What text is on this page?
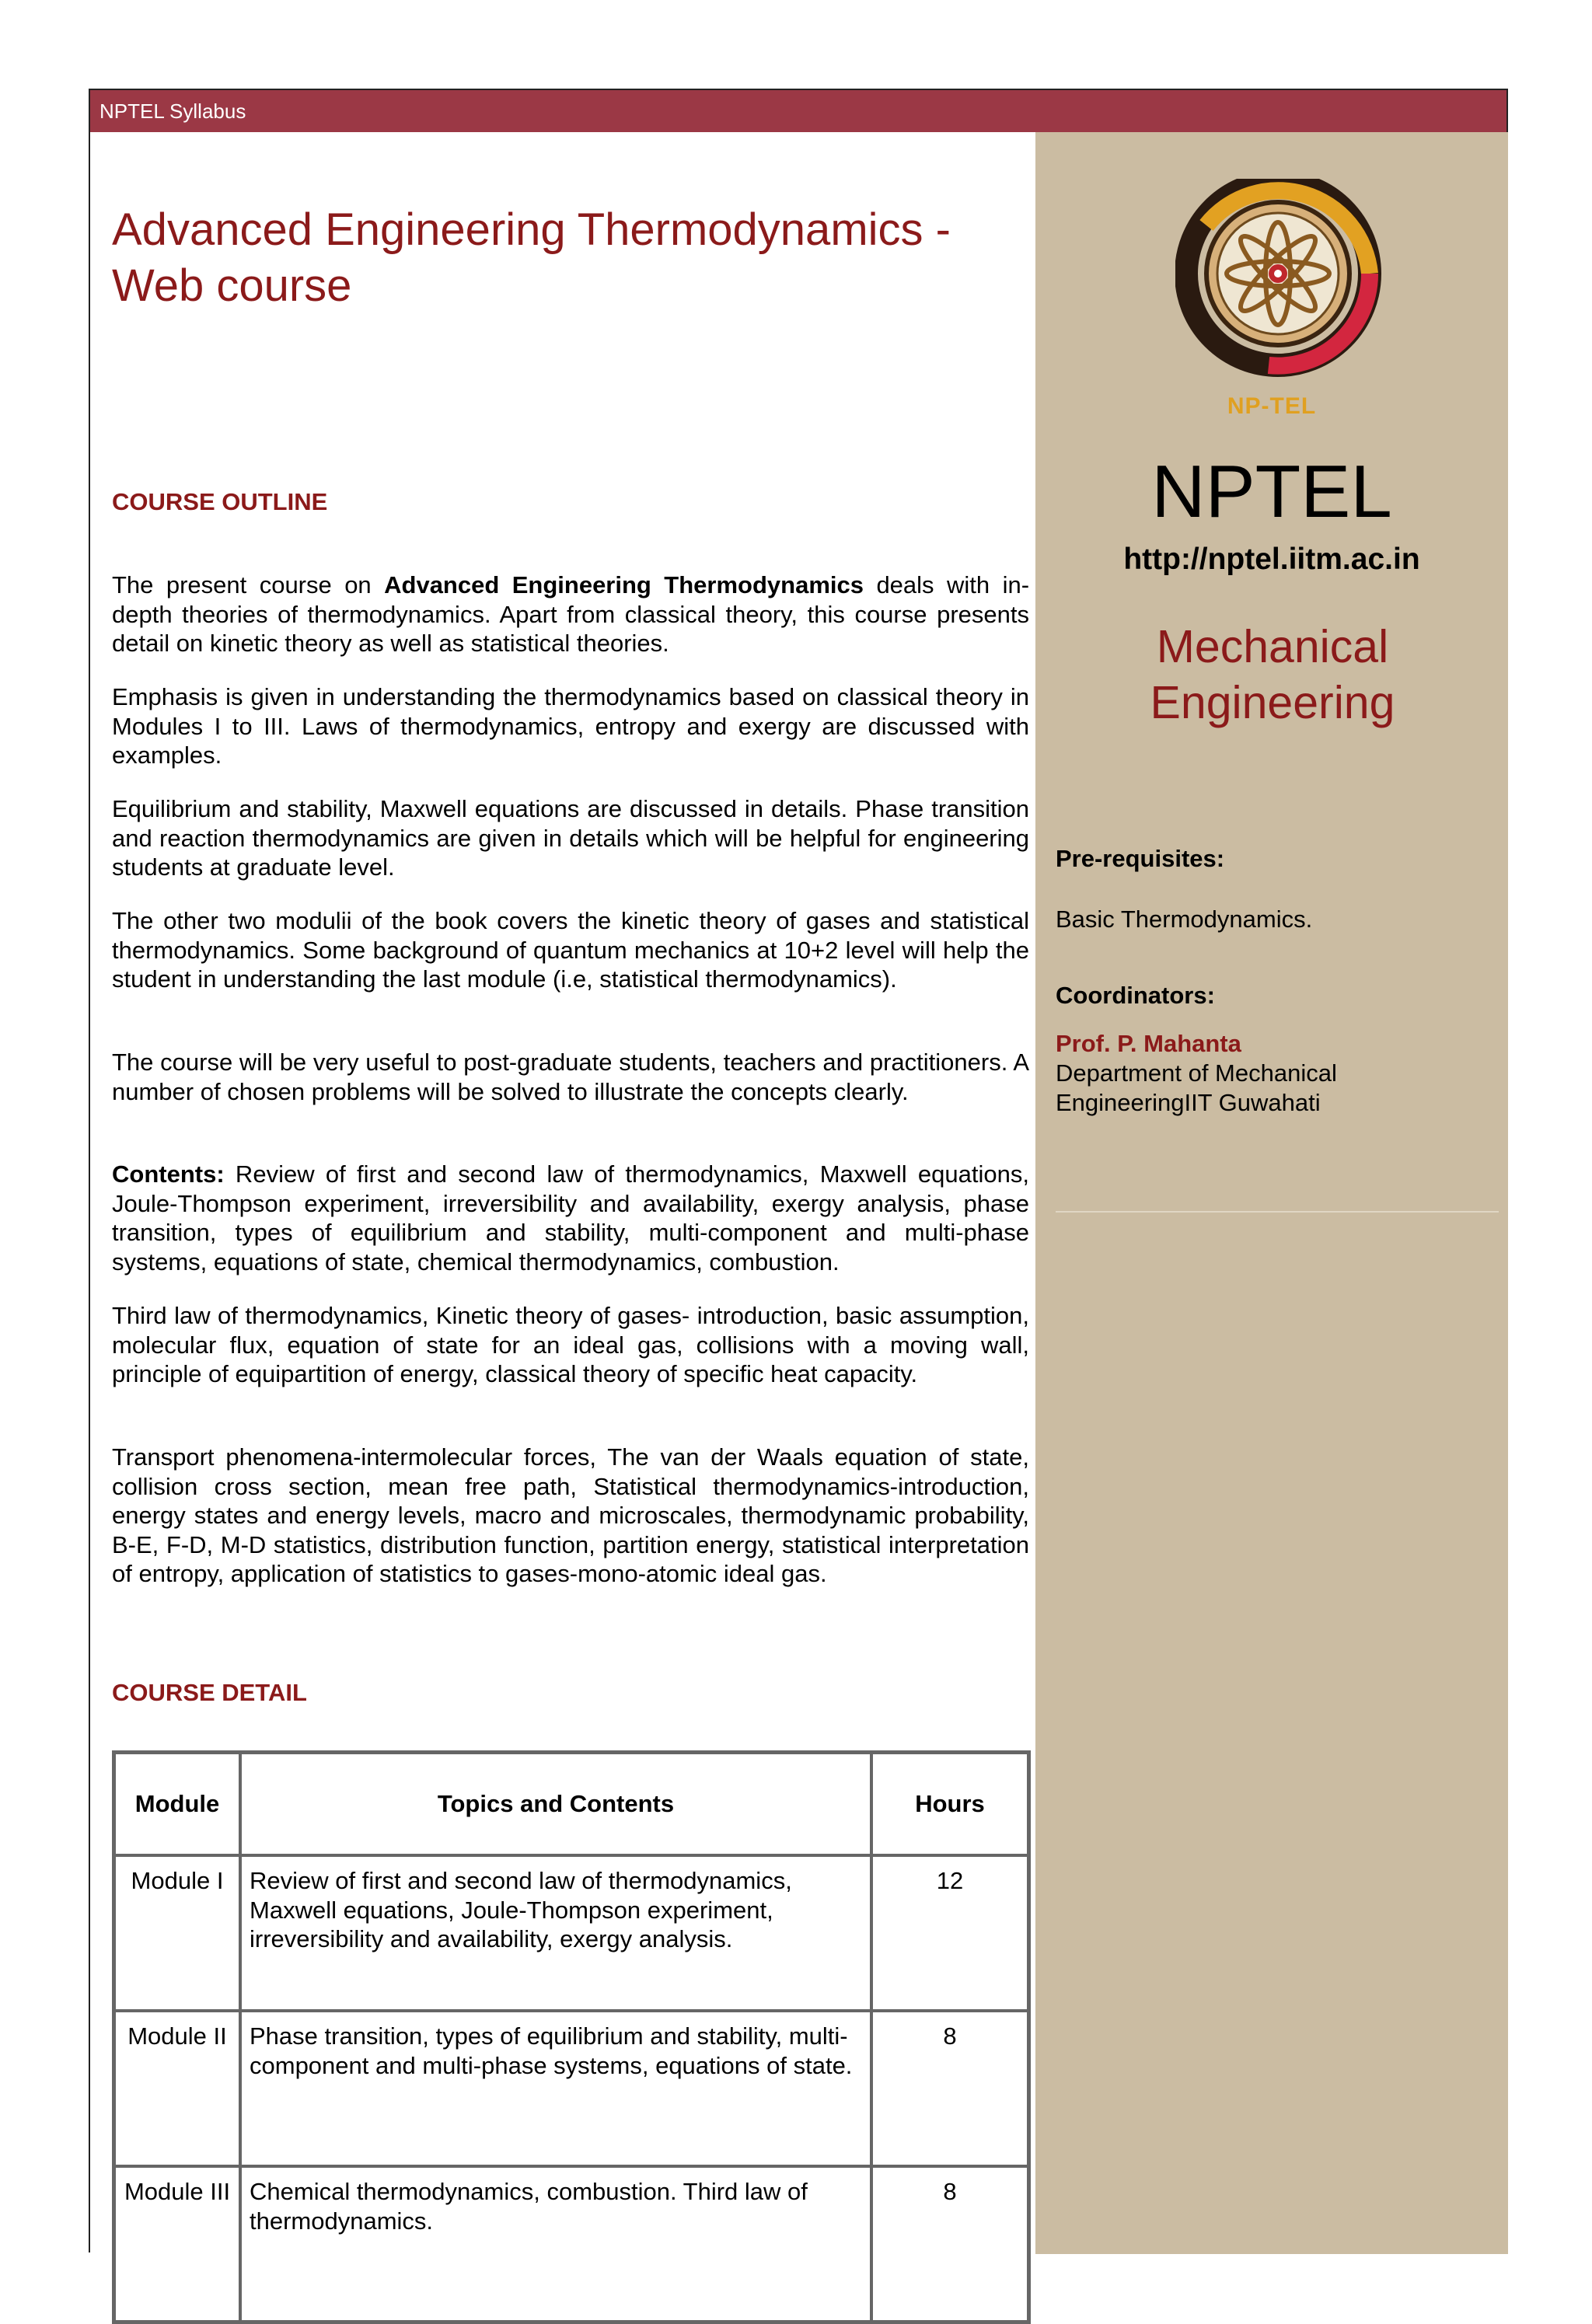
NPTEL Syllabus
Advanced Engineering Thermodynamics - Web course
COURSE OUTLINE

The present course on Advanced Engineering Thermodynamics deals with in-depth theories of thermodynamics. Apart from classical theory, this course presents detail on kinetic theory as well as statistical theories.

Emphasis is given in understanding the thermodynamics based on classical theory in Modules I to III. Laws of thermodynamics, entropy and exergy are discussed with examples.

Equilibrium and stability, Maxwell equations are discussed in details. Phase transition and reaction thermodynamics are given in details which will be helpful for engineering students at graduate level.

The other two modulii of the book covers the kinetic theory of gases and statistical thermodynamics. Some background of quantum mechanics at 10+2 level will help the student in understanding the last module (i.e, statistical thermodynamics).

The course will be very useful to post-graduate students, teachers and practitioners. A number of chosen problems will be solved to illustrate the concepts clearly.

Contents: Review of first and second law of thermodynamics, Maxwell equations, Joule-Thompson experiment, irreversibility and availability, exergy analysis, phase transition, types of equilibrium and stability, multi-component and multi-phase systems, equations of state, chemical thermodynamics, combustion.

Third law of thermodynamics, Kinetic theory of gases- introduction, basic assumption, molecular flux, equation of state for an ideal gas, collisions with a moving wall, principle of equipartition of energy, classical theory of specific heat capacity.

Transport phenomena-intermolecular forces, The van der Waals equation of state, collision cross section, mean free path, Statistical thermodynamics-introduction, energy states and energy levels, macro and microscales, thermodynamic probability, B-E, F-D, M-D statistics, distribution function, partition energy, statistical interpretation of entropy, application of statistics to gases-mono-atomic ideal gas.

COURSE DETAIL
Module	Topics and Contents	Hours
Module I	Review of first and second law of thermodynamics, Maxwell equations, Joule-Thompson experiment, irreversibility and availability, exergy analysis.	12
Module II	Phase transition, types of equilibrium and stability, multi-component and multi-phase systems, equations of state.	8
Module III	Chemical thermodynamics, combustion. Third law of thermodynamics.	8
NP-TEL
NPTEL
http://nptel.iitm.ac.in
Mechanical Engineering
Pre-requisites:
Basic Thermodynamics.
Coordinators:
Prof. P. Mahanta
Department of Mechanical EngineeringIIT Guwahati
